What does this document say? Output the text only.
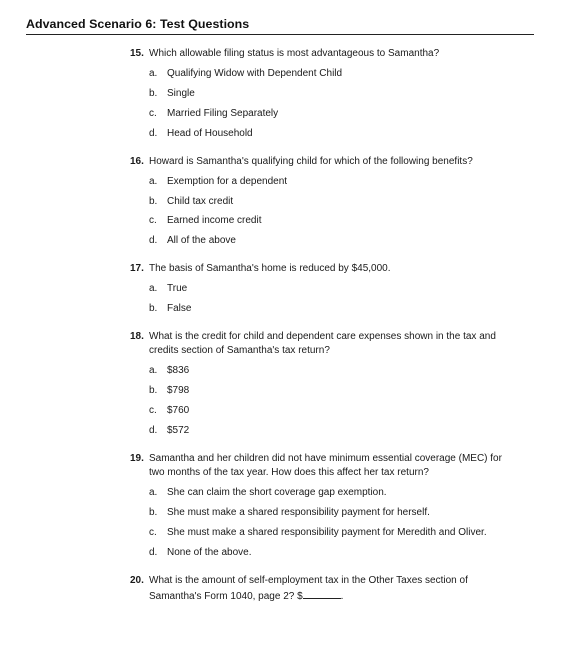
Advanced Scenario 6: Test Questions
15. Which allowable filing status is most advantageous to Samantha?
a. Qualifying Widow with Dependent Child
b. Single
c. Married Filing Separately
d. Head of Household
16. Howard is Samantha's qualifying child for which of the following benefits?
a. Exemption for a dependent
b. Child tax credit
c. Earned income credit
d. All of the above
17. The basis of Samantha's home is reduced by $45,000.
a. True
b. False
18. What is the credit for child and dependent care expenses shown in the tax and
credits section of Samantha's tax return?
a. $836
b. $798
c. $760
d. $572
19. Samantha and her children did not have minimum essential coverage (MEC) for
two months of the tax year. How does this affect her tax return?
a. She can claim the short coverage gap exemption.
b. She must make a shared responsibility payment for herself.
c. She must make a shared responsibility payment for Meredith and Oliver.
d. None of the above.
20. What is the amount of self-employment tax in the Other Taxes section of
Samantha's Form 1040, page 2? $	.
